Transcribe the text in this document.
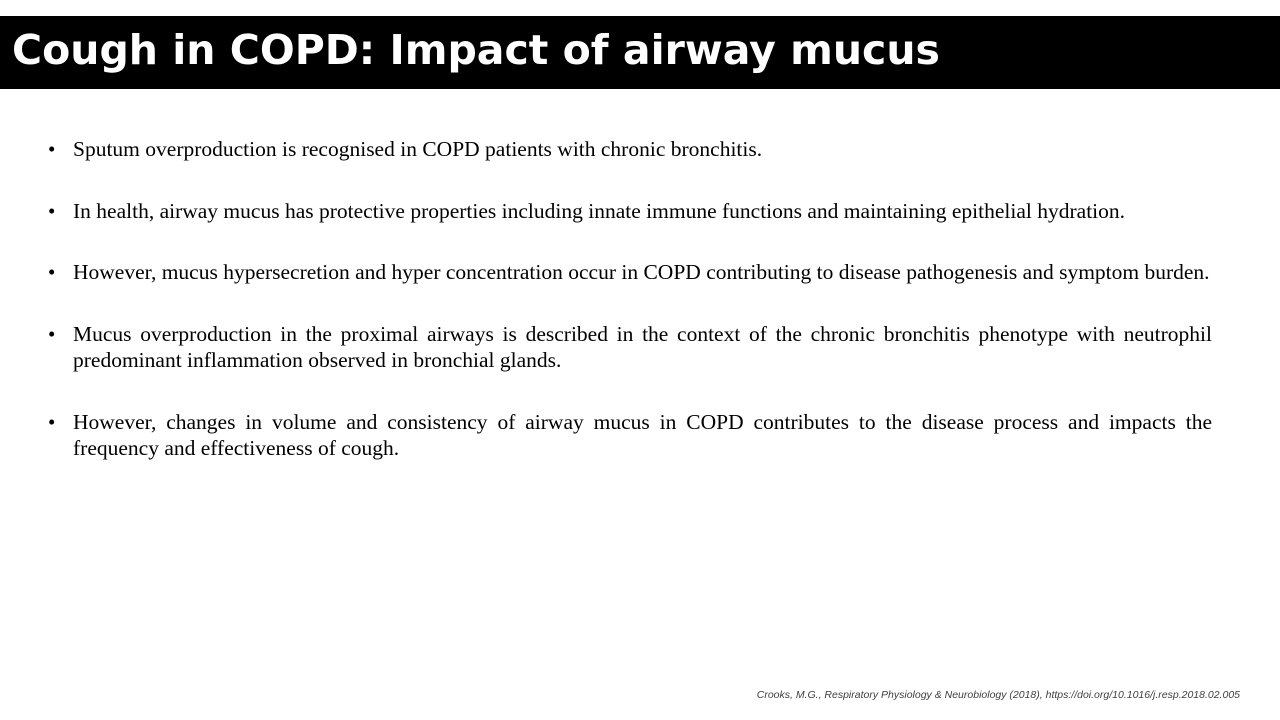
Cough in COPD: Impact of airway mucus
• Sputum overproduction is recognised in COPD patients with chronic bronchitis.
• In health, airway mucus has protective properties including innate immune functions and maintaining epithelial hydration.
• However, mucus hypersecretion and hyper concentration occur in COPD contributing to disease pathogenesis and symptom burden.
• Mucus overproduction in the proximal airways is described in the context of the chronic bronchitis phenotype with neutrophil predominant inflammation observed in bronchial glands.
• However, changes in volume and consistency of airway mucus in COPD contributes to the disease process and impacts the frequency and effectiveness of cough.
Crooks, M.G., Respiratory Physiology & Neurobiology (2018), https://doi.org/10.1016/j.resp.2018.02.005
